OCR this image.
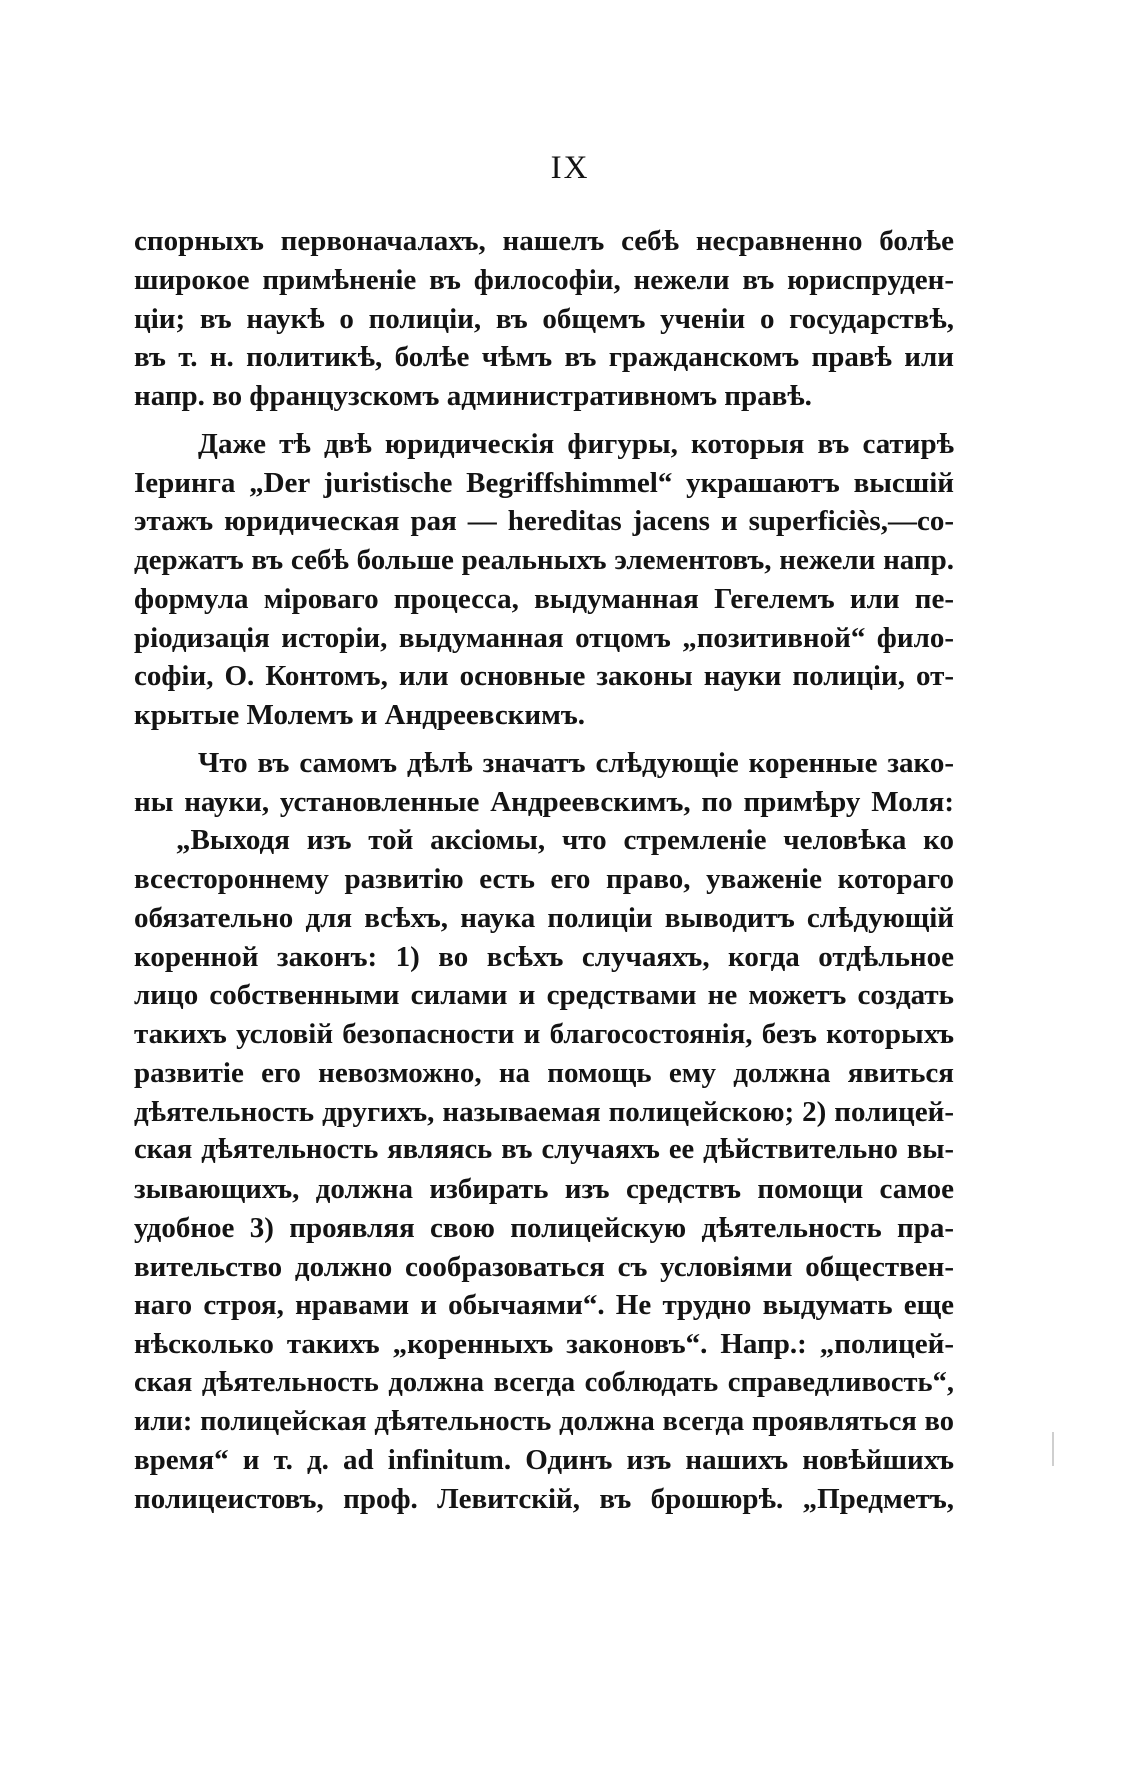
IX
спорныхъ первоначалахъ, нашелъ себѣ несравненно болѣе
широкое примѣненіе въ философіи, нежели въ юриспруден-
ціи; въ наукѣ о полиціи, въ общемъ ученіи о государствѣ,
въ т. н. политикѣ, болѣе чѣмъ въ гражданскомъ правѣ или
напр. во французскомъ административномъ правѣ.
Даже тѣ двѣ юридическія фигуры, которыя въ сатирѣ
Іеринга „Der juristische Begriffshimmel“ украшаютъ высшій
этажъ юридическая рая — hereditas jacens и superficiès,—со-
держатъ въ себѣ больше реальныхъ элементовъ, нежели напр.
формула міроваго процесса, выдуманная Гегелемъ или пе-
ріодизація исторіи, выдуманная отцомъ „позитивной“ фило-
софіи, О. Контомъ, или основные законы науки полиціи, от-
крытые Молемъ и Андреевскимъ.
Что въ самомъ дѣлѣ значатъ слѣдующіе коренные зако-
ны науки, установленные Андреевскимъ, по примѣру Моля:
„Выходя изъ той аксіомы, что стремленіе человѣка ко
всестороннему развитію есть его право, уваженіе котораго
обязательно для всѣхъ, наука полиціи выводитъ слѣдующій
коренной законъ: 1) во всѣхъ случаяхъ, когда отдѣльное
лицо собственными силами и средствами не можетъ создать
такихъ условій безопасности и благосостоянія, безъ которыхъ
развитіе его невозможно, на помощь ему должна явиться
дѣятельность другихъ, называемая полицейскою; 2) полицей-
ская дѣятельность являясь въ случаяхъ ее дѣйствительно вы-
зывающихъ, должна избирать изъ средствъ помощи самое
удобное 3) проявляя свою полицейскую дѣятельность пра-
вительство должно сообразоваться съ условіями обществен-
наго строя, нравами и обычаями“. Не трудно выдумать еще
нѣсколько такихъ „коренныхъ законовъ“. Напр.: „полицей-
ская дѣятельность должна всегда соблюдать справедливость“,
или: полицейская дѣятельность должна всегда проявляться во
время“ и т. д. ad infinitum. Одинъ изъ нашихъ новѣйшихъ
полицеистовъ, проф. Левитскій, въ брошюрѣ. „Предметъ,
